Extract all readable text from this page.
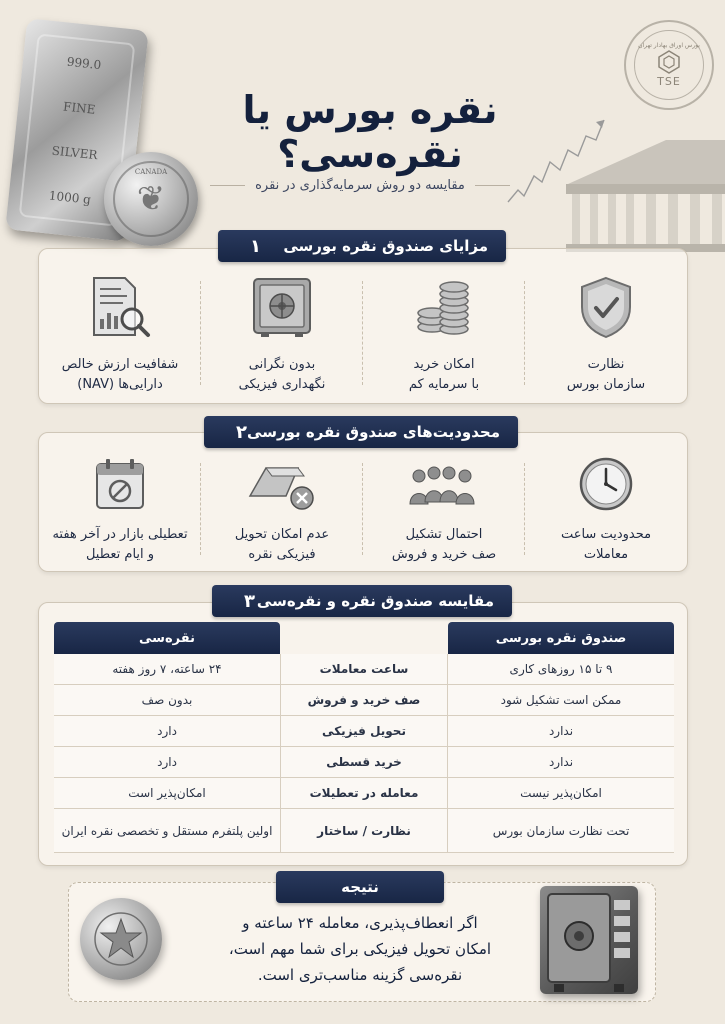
999.0
FINE
SILVER
1000 g	❦
CANADA
بورس اوراق بهادار تهران
TSE
نقره بورس یا نقره‌سی؟
مقایسه دو روش سرمایه‌گذاری در نقره
نظارت
سازمان بورس
امکان خرید
با سرمایه کم
بدون نگرانی
نگهداری فیزیکی
شفافیت ارزش خالص
دارایی‌ها (NAV)
مزایای صندوق نقره بورسی
۱
محدودیت ساعت
معاملات
احتمال تشکیل
صف خرید و فروش
عدم امکان تحویل
فیزیکی نقره
تعطیلی بازار در آخر هفته
و ایام تعطیل
محدودیت‌های صندوق نقره بورسی
۲
مقایسه صندوق نقره و نقره‌سی
۳
صندوق نقره بورسی
نقره‌سی
۹ تا ۱۵ روزهای کاری
ساعت معاملات
۲۴ ساعته، ۷ روز هفته
ممکن است تشکیل شود
صف خرید و فروش
بدون صف
ندارد
تحویل فیزیکی
دارد
ندارد
خرید قسطی
دارد
امکان‌پذیر نیست
معامله در تعطیلات
امکان‌پذیر است
تحت نظارت سازمان بورس
نظارت / ساختار
اولین پلتفرم مستقل و تخصصی نقره ایران
نتیجه
اگر انعطاف‌پذیری، معامله ۲۴ ساعته و
امکان تحویل فیزیکی برای شما مهم است،
نقره‌سی گزینه مناسب‌تری است.
